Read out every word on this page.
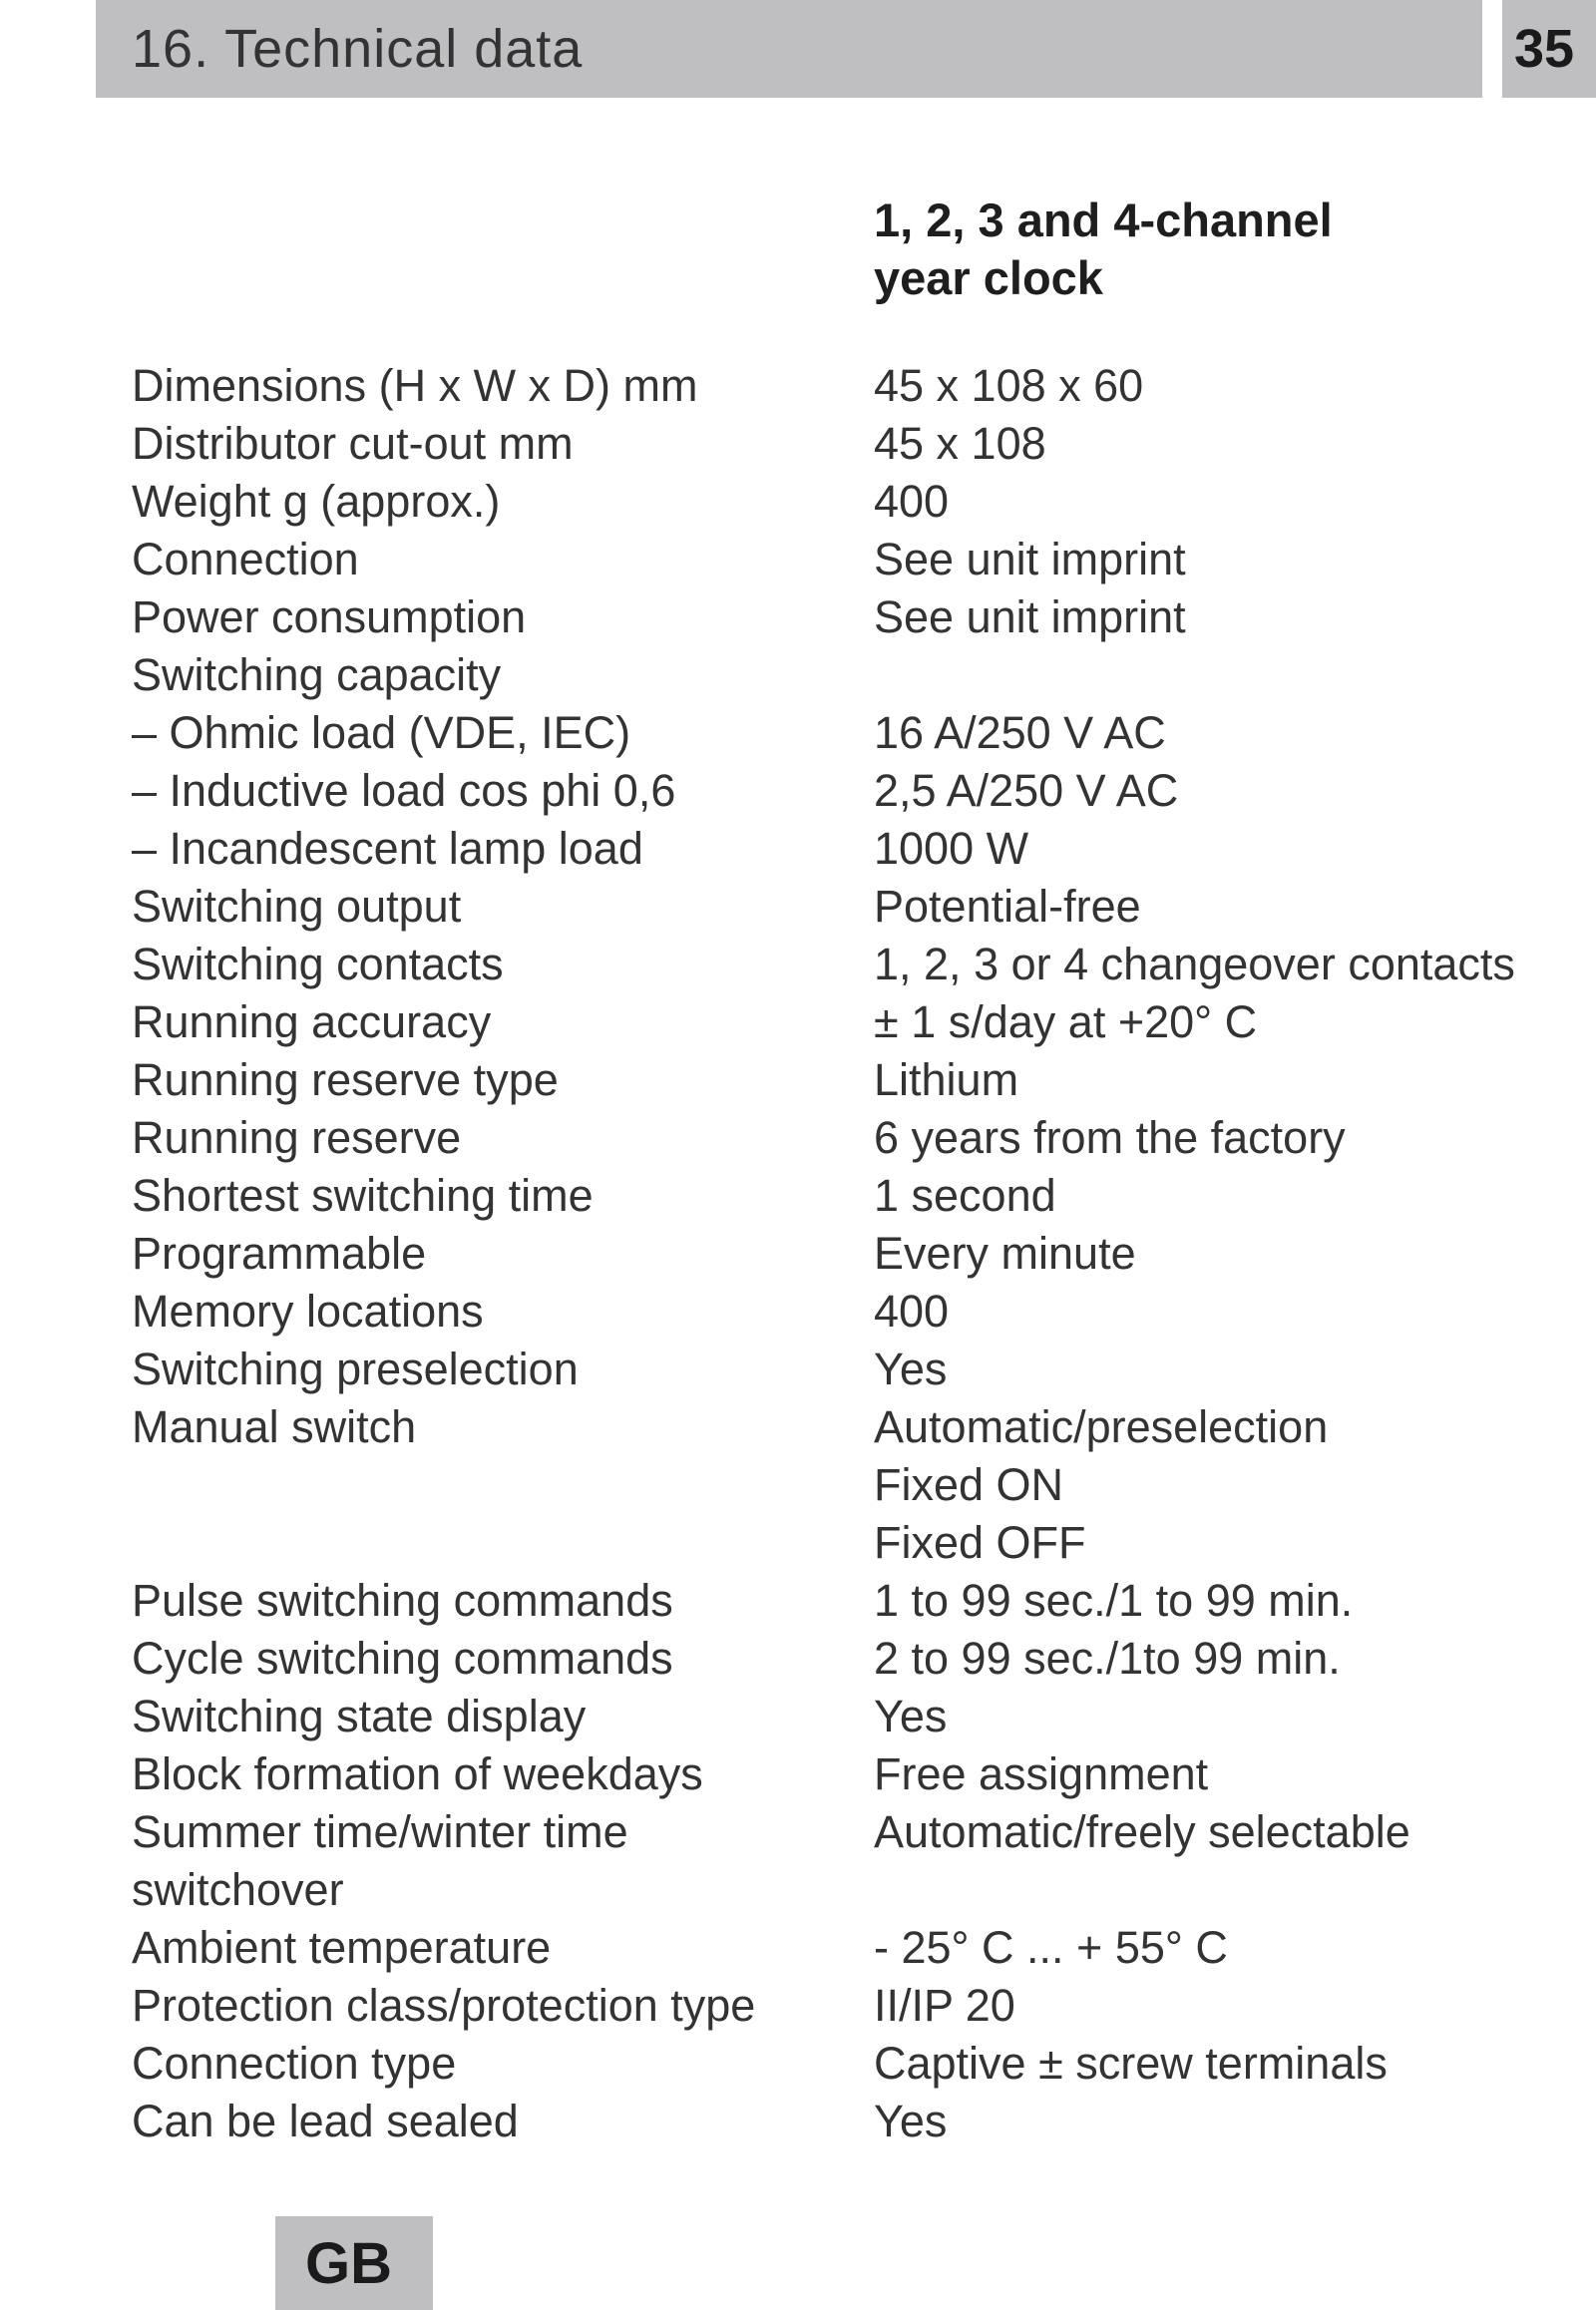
16. Technical data	35
1, 2, 3 and 4-channel
year clock
Dimensions (H x W x D) mm	45 x 108 x 60
Distributor cut-out mm	45 x 108
Weight g (approx.)	400
Connection	See unit imprint
Power consumption	See unit imprint
Switching capacity	
– Ohmic load (VDE, IEC)	16 A/250 V AC
– Inductive load cos phi 0,6	2,5 A/250 V AC
– Incandescent lamp load	1000 W
Switching output	Potential-free
Switching contacts	1, 2, 3 or 4 changeover contacts
Running accuracy	± 1 s/day at +20° C
Running reserve type	Lithium
Running reserve	6 years from the factory
Shortest switching time	1 second
Programmable	Every minute
Memory locations	400
Switching preselection	Yes
Manual switch	Automatic/preselection
	Fixed ON
	Fixed OFF
Pulse switching commands	1 to 99 sec./1 to 99 min.
Cycle switching commands	2 to 99 sec./1to 99 min.
Switching state display	Yes
Block formation of weekdays	Free assignment
Summer time/winter time	Automatic/freely selectable
switchover	
Ambient temperature	- 25° C ... + 55° C
Protection class/protection type	II/IP 20
Connection type	Captive ± screw terminals
Can be lead sealed	Yes
GB
